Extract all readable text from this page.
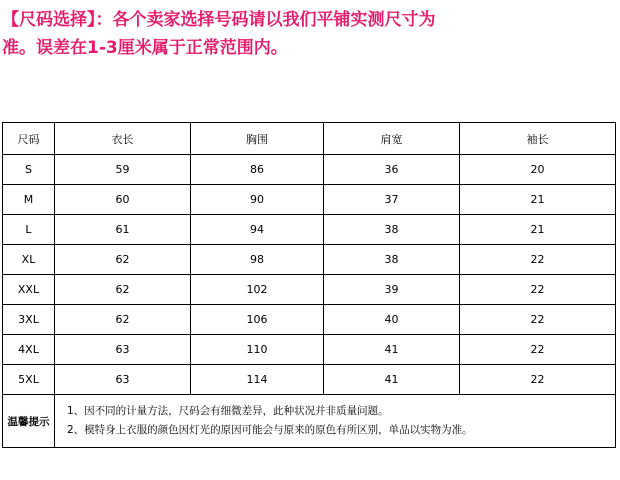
【尺码选择】：各个卖家选择号码请以我们平铺实测尺寸为
准。误差在1-3厘米属于正常范围内。
尺码	衣长	胸围	肩宽	袖长
S	59	86	36	20
M	60	90	37	21
L	61	94	38	21
XL	62	98	38	22
XXL	62	102	39	22
3XL	62	106	40	22
4XL	63	110	41	22
5XL	63	114	41	22
温馨提示	1、因不同的计量方法，尺码会有细微差异，此种状况并非质量问题。
2、模特身上衣服的颜色因灯光的原因可能会与原来的原色有所区别，单品以实物为准。			
